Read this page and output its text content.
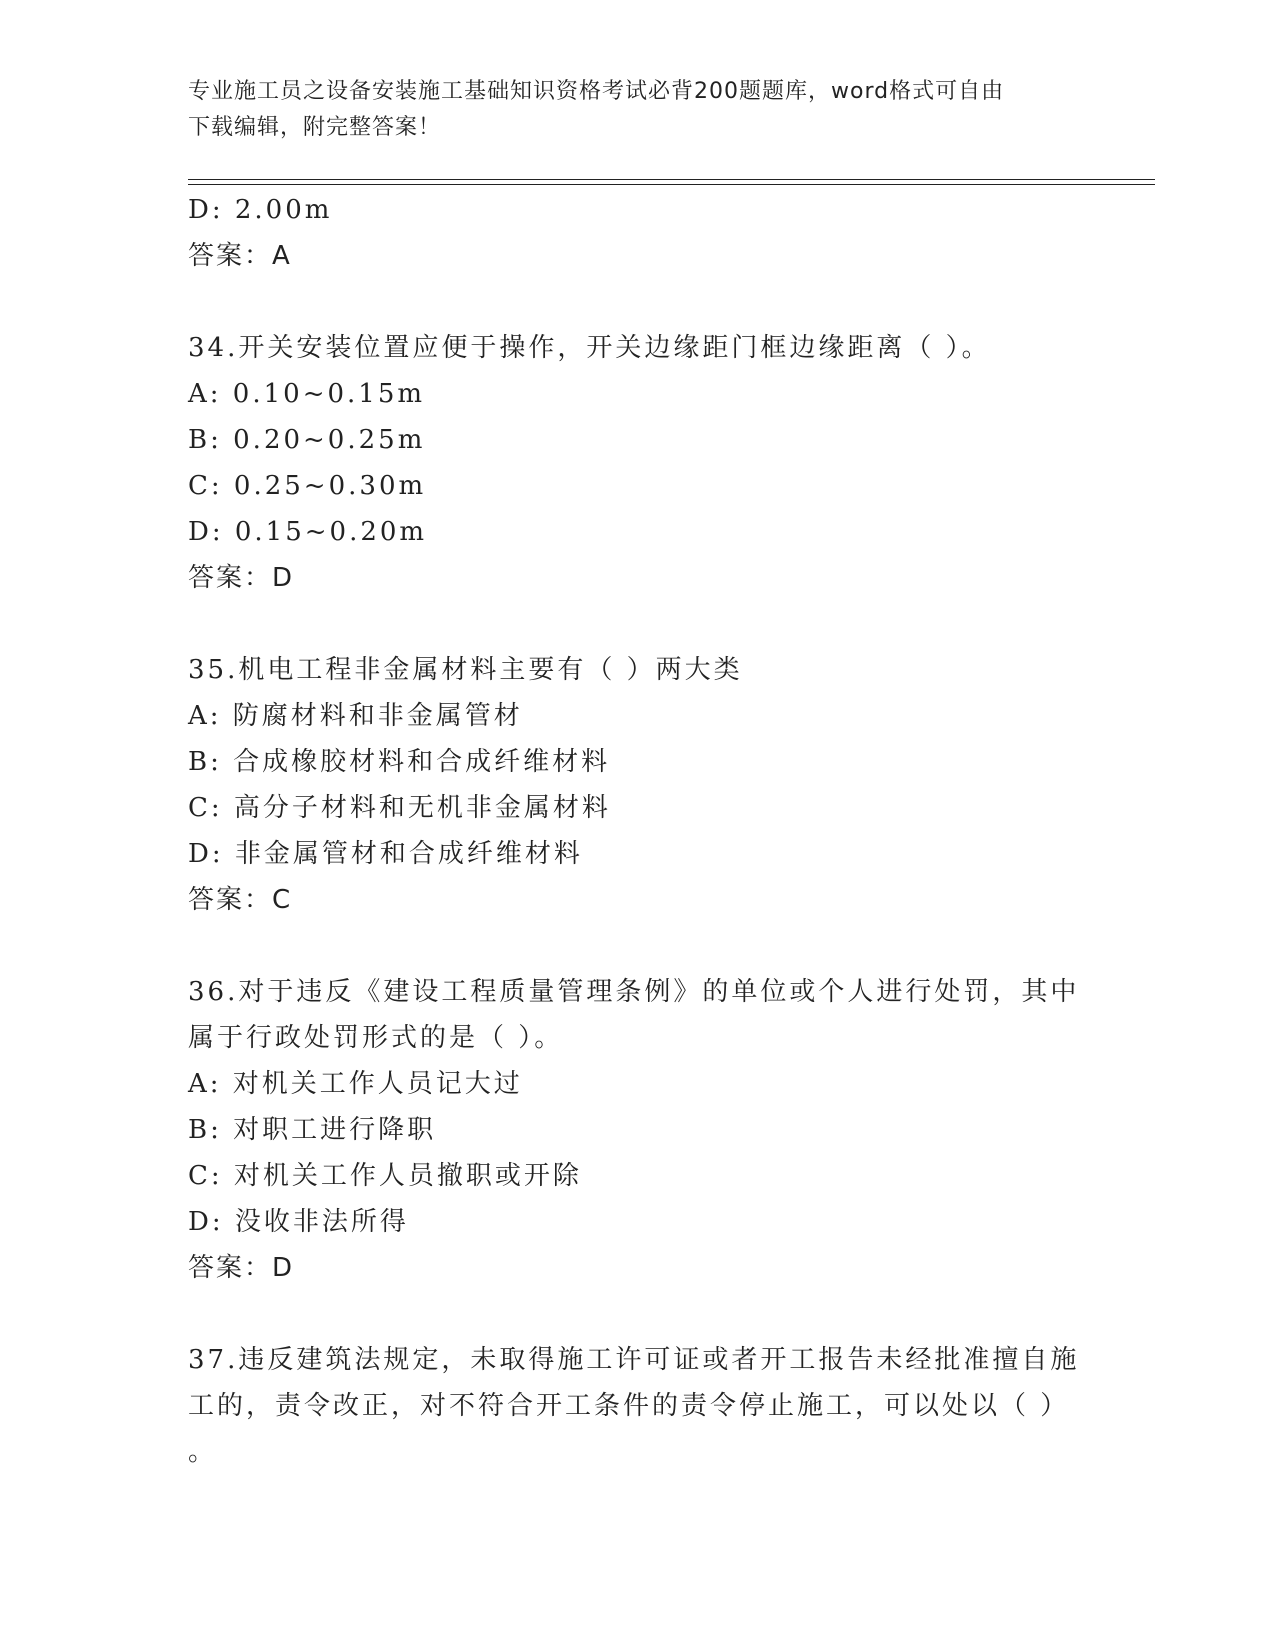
专业施工员之设备安装施工基础知识资格考试必背200题题库，word格式可自由
下载编辑，附完整答案！
D: 2.00m
答案：A
34.开关安装位置应便于操作，开关边缘距门框边缘距离（ ）。
A: 0.10~0.15m
B: 0.20~0.25m
C: 0.25~0.30m
D: 0.15~0.20m
答案：D
35.机电工程非金属材料主要有（ ）两大类
A: 防腐材料和非金属管材
B: 合成橡胶材料和合成纤维材料
C: 高分子材料和无机非金属材料
D: 非金属管材和合成纤维材料
答案：C
36.对于违反《建设工程质量管理条例》的单位或个人进行处罚，其中
属于行政处罚形式的是（ ）。
A: 对机关工作人员记大过
B: 对职工进行降职
C: 对机关工作人员撤职或开除
D: 没收非法所得
答案：D
37.违反建筑法规定，未取得施工许可证或者开工报告未经批准擅自施
工的，责令改正，对不符合开工条件的责令停止施工，可以处以（ ）
。
